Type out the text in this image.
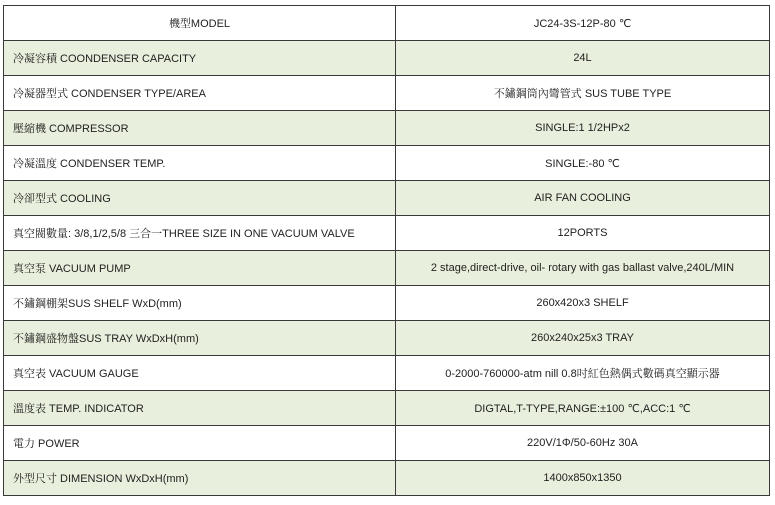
機型MODEL	JC24-3S-12P-80 ℃
冷凝容積 COONDENSER CAPACITY	24L
冷凝器型式 CONDENSER TYPE/AREA	不鏽鋼筒內彎管式 SUS TUBE TYPE
壓縮機 COMPRESSOR	SINGLE:1 1/2HPx2
冷凝溫度 CONDENSER TEMP.	SINGLE:-80 ℃
冷卻型式 COOLING	AIR FAN COOLING
真空閥數量: 3/8,1/2,5/8 三合一THREE SIZE IN ONE VACUUM VALVE	12PORTS
真空泵 VACUUM PUMP	2 stage,direct-drive, oil- rotary with gas ballast valve,240L/MIN
不鏽鋼棚架SUS SHELF WxD(mm)	260x420x3 SHELF
不鏽鋼盛物盤SUS TRAY WxDxH(mm)	260x240x25x3 TRAY
真空表 VACUUM GAUGE	0-2000-760000-atm nill 0.8吋紅色熱偶式數碼真空顯示器
溫度表 TEMP. INDICATOR	DIGTAL,T-TYPE,RANGE:±100 ℃,ACC:1 ℃
電力 POWER	220V/1Φ/50-60Hz 30A
外型尺寸 DIMENSION WxDxH(mm)	1400x850x1350
